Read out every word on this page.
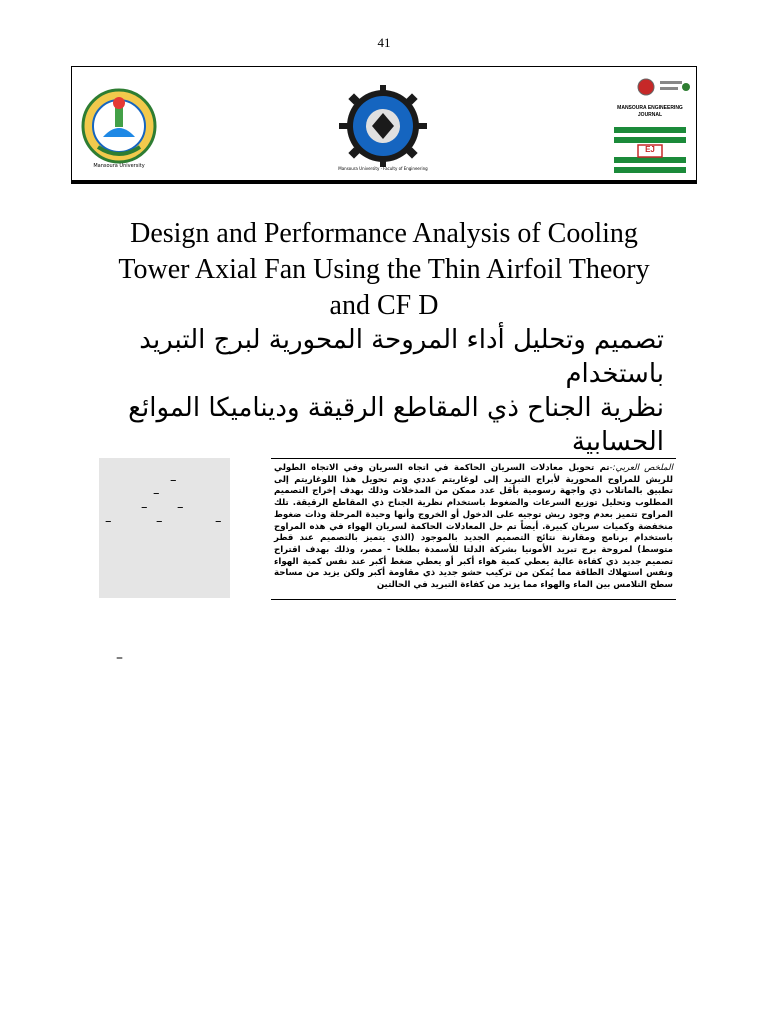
41
Mansoura University	Mansoura University · Faculty of Engineering
MANSOURA ENGINEERING JOURNAL
EJ
Design and Performance Analysis of Cooling
Tower Axial Fan Using the Thin Airfoil Theory
and CF D
تصميم وتحليل أداء المروحة المحورية لبرج التبريد باستخدام
نظرية الجناح ذي المقاطع الرقيقة وديناميكا الموائع الحسابية
–
–
– –
–	–	–
الملخص العربي:-تم تحويل معادلات السريان الحاكمة في اتجاه السريان وفي الاتجاه الطولي للريش للمراوح المحورية لأبراج التبريد إلى لوغاريتم عددي وتم تحويل هذا اللوغاريتم إلى تطبيق بالماتلاب ذي واجهة رسومية بأقل عدد ممكن من المدخلات وذلك بهدف إخراج التصميم المطلوب وتحليل توزيع السرعات والضغوط باستخدام نظرية الجناح ذي المقاطع الرقيقة. تلك المراوح تتميز بعدم وجود ريش توجيه على الدخول أو الخروج وأنها وحيدة المرحلة وذات ضغوط منخفضة وكميات سريان كبيرة. أيضاً تم حل المعادلات الحاكمة لسريان الهواء في هذه المراوح باستخدام برنامج ومقارنة نتائج التصميم الجديد بالموجود (الذي يتميز بالتصميم عند قطر متوسط) لمروحة برج تبريد الأمونيا بشركة الدلتا للأسمدة بطلخا - مصر، وذلك بهدف اقتراح تصميم جديد ذي كفاءة عالية يعطي كمية هواء أكبر أو يعطي ضغط أكبر عند نفس كمية الهواء ونفس استهلاك الطاقة مما يُمكن من تركيب حشو جديد ذي مقاومة أكبر ولكن يزيد من مساحة سطح التلامس بين الماء والهواء مما يزيد من كفاءة التبريد في الحالتين
–
